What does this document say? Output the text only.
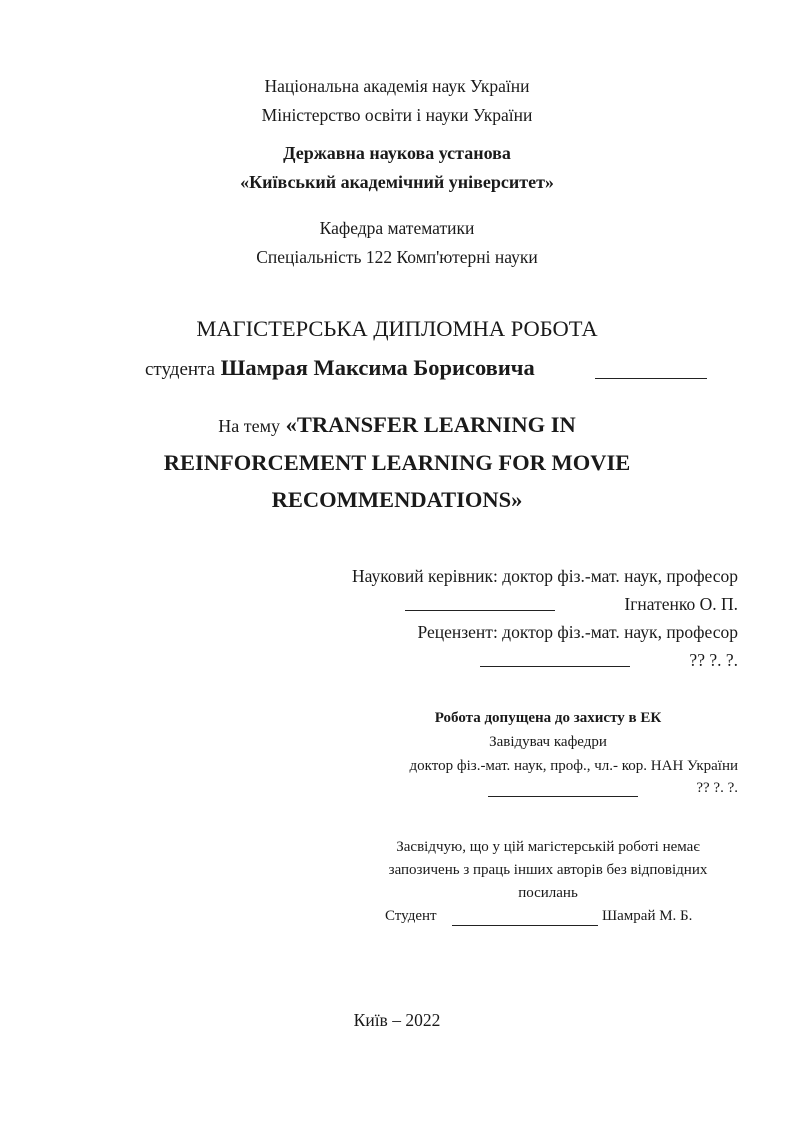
Національна академія наук України
Міністерство освіти і науки України
Державна наукова установа
«Київський академічний університет»
Кафедра математики
Спеціальність 122 Комп'ютерні науки
МАГІСТЕРСЬКА ДИПЛОМНА РОБОТА
студента Шамрая Максима Борисовича
На тему «TRANSFER LEARNING IN
REINFORCEMENT LEARNING FOR MOVIE
RECOMMENDATIONS»
Науковий керівник: доктор фіз.-мат. наук, професор
Ігнатенко О. П.
Рецензент: доктор фіз.-мат. наук, професор
?? ?. ?.
Робота допущена до захисту в ЕК
Завідувач кафедри
доктор фіз.-мат. наук, проф., чл.- кор. НАН України
?? ?. ?.
Засвідчую, що у цій магістерській роботі немає
запозичень з праць інших авторів без відповідних
посилань
Студент	Шамрай М. Б.
Київ – 2022
